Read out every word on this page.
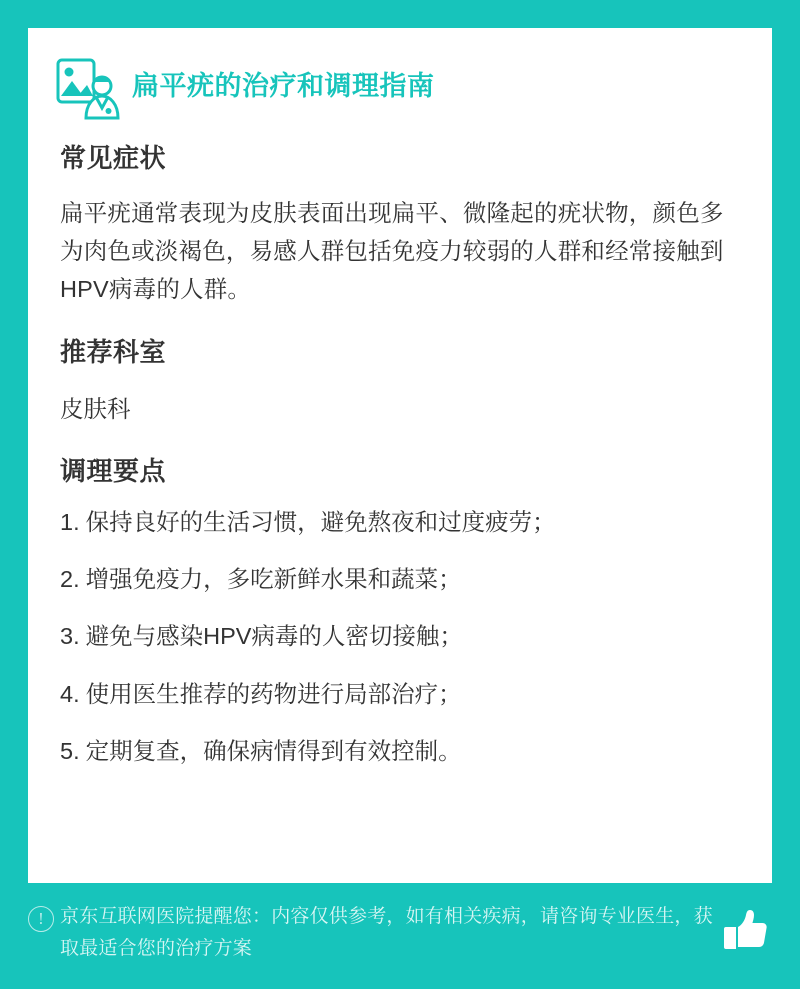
扁平疣的治疗和调理指南
常见症状

扁平疣通常表现为皮肤表面出现扁平、微隆起的疣状物，颜色多为肉色或淡褐色，易感人群包括免疫力较弱的人群和经常接触到HPV病毒的人群。

推荐科室

皮肤科

调理要点
1. 保持良好的生活习惯，避免熬夜和过度疲劳；
2. 增强免疫力，多吃新鲜水果和蔬菜；
3. 避免与感染HPV病毒的人密切接触；
4. 使用医生推荐的药物进行局部治疗；
5. 定期复查，确保病情得到有效控制。
! 京东互联网医院提醒您：内容仅供参考，如有相关疾病，请咨询专业医生，获取最适合您的治疗方案
